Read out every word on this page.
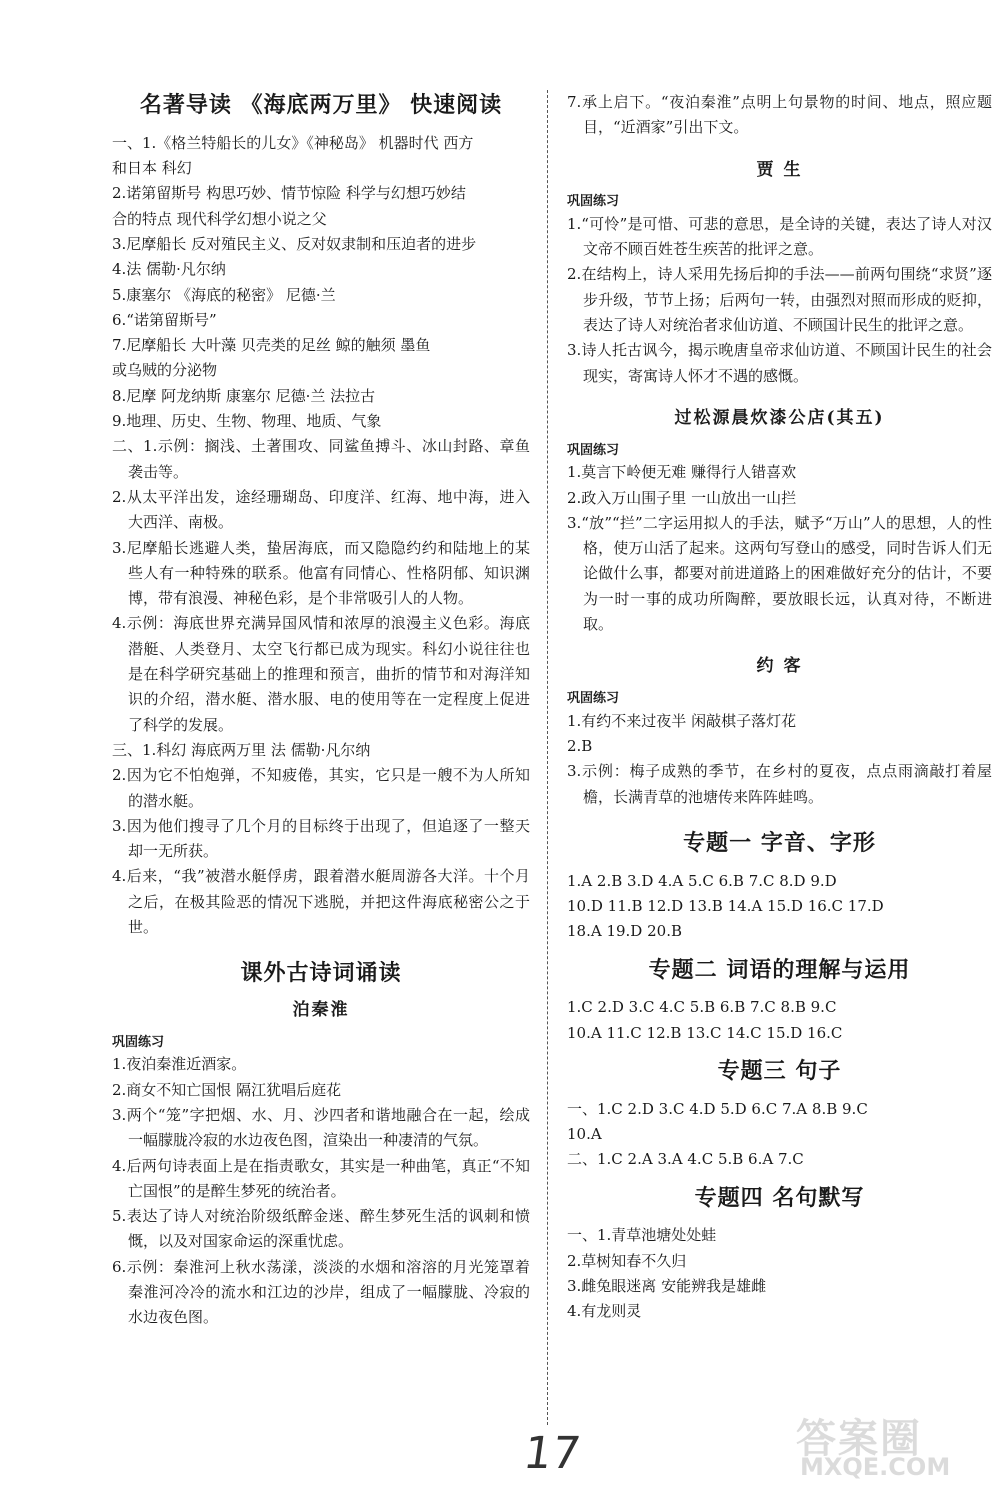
名著导读 《海底两万里》 快速阅读

一、1.《格兰特船长的儿女》《神秘岛》 机器时代 西方

和日本 科幻

2.诺第留斯号 构思巧妙、情节惊险 科学与幻想巧妙结

合的特点 现代科学幻想小说之父

3.尼摩船长 反对殖民主义、反对奴隶制和压迫者的进步

4.法 儒勒·凡尔纳

5.康塞尔 《海底的秘密》 尼德·兰

6.“诺第留斯号”

7.尼摩船长 大叶藻 贝壳类的足丝 鲸的触须 墨鱼

或乌贼的分泌物

8.尼摩 阿龙纳斯 康塞尔 尼德·兰 法拉古

9.地理、历史、生物、物理、地质、气象

二、1.示例：搁浅、土著围攻、同鲨鱼搏斗、冰山封路、章鱼袭击等。

2.从太平洋出发，途经珊瑚岛、印度洋、红海、地中海，进入大西洋、南极。

3.尼摩船长逃避人类，蛰居海底，而又隐隐约约和陆地上的某些人有一种特殊的联系。他富有同情心、性格阴郁、知识渊博，带有浪漫、神秘色彩，是个非常吸引人的人物。

4.示例：海底世界充满异国风情和浓厚的浪漫主义色彩。海底潜艇、人类登月、太空飞行都已成为现实。科幻小说往往也是在科学研究基础上的推理和预言，曲折的情节和对海洋知识的介绍，潜水艇、潜水服、电的使用等在一定程度上促进了科学的发展。

三、1.科幻 海底两万里 法 儒勒·凡尔纳

2.因为它不怕炮弹，不知疲倦，其实，它只是一艘不为人所知的潜水艇。

3.因为他们搜寻了几个月的目标终于出现了，但追逐了一整天却一无所获。

4.后来，“我”被潜水艇俘虏，跟着潜水艇周游各大洋。十个月之后，在极其险恶的情况下逃脱，并把这件海底秘密公之于世。

课外古诗词诵读

泊秦淮

巩固练习

1.夜泊秦淮近酒家。

2.商女不知亡国恨 隔江犹唱后庭花

3.两个“笼”字把烟、水、月、沙四者和谐地融合在一起，绘成一幅朦胧冷寂的水边夜色图，渲染出一种凄清的气氛。

4.后两句诗表面上是在指责歌女，其实是一种曲笔，真正“不知亡国恨”的是醉生梦死的统治者。

5.表达了诗人对统治阶级纸醉金迷、醉生梦死生活的讽刺和愤慨，以及对国家命运的深重忧虑。

6.示例：秦淮河上秋水荡漾，淡淡的水烟和溶溶的月光笼罩着秦淮河冷冷的流水和江边的沙岸，组成了一幅朦胧、冷寂的水边夜色图。

7.承上启下。“夜泊秦淮”点明上句景物的时间、地点，照应题目，“近酒家”引出下文。

贾 生

巩固练习

1.“可怜”是可惜、可悲的意思，是全诗的关键，表达了诗人对汉文帝不顾百姓苍生疾苦的批评之意。

2.在结构上，诗人采用先扬后抑的手法——前两句围绕“求贤”逐步升级，节节上扬；后两句一转，由强烈对照而形成的贬抑，表达了诗人对统治者求仙访道、不顾国计民生的批评之意。

3.诗人托古讽今，揭示晚唐皇帝求仙访道、不顾国计民生的社会现实，寄寓诗人怀才不遇的感慨。

过松源晨炊漆公店(其五)

巩固练习

1.莫言下岭便无难 赚得行人错喜欢

2.政入万山围子里 一山放出一山拦

3.“放”“拦”二字运用拟人的手法，赋予“万山”人的思想，人的性格，使万山活了起来。这两句写登山的感受，同时告诉人们无论做什么事，都要对前进道路上的困难做好充分的估计，不要为一时一事的成功所陶醉，要放眼长远，认真对待，不断进取。

约 客

巩固练习

1.有约不来过夜半 闲敲棋子落灯花

2.B

3.示例：梅子成熟的季节，在乡村的夏夜，点点雨滴敲打着屋檐，长满青草的池塘传来阵阵蛙鸣。

专题一 字音、字形

1.A 2.B 3.D 4.A 5.C 6.B 7.C 8.D 9.D

10.D 11.B 12.D 13.B 14.A 15.D 16.C 17.D

18.A 19.D 20.B

专题二 词语的理解与运用

1.C 2.D 3.C 4.C 5.B 6.B 7.C 8.B 9.C

10.A 11.C 12.B 13.C 14.C 15.D 16.C

专题三 句子

一、1.C 2.D 3.C 4.D 5.D 6.C 7.A 8.B 9.C

10.A

二、1.C 2.A 3.A 4.C 5.B 6.A 7.C

专题四 名句默写

一、1.青草池塘处处蛙

2.草树知春不久归

3.雌兔眼迷离 安能辨我是雄雌

4.有龙则灵

17	答案圈
MXQE.COM
